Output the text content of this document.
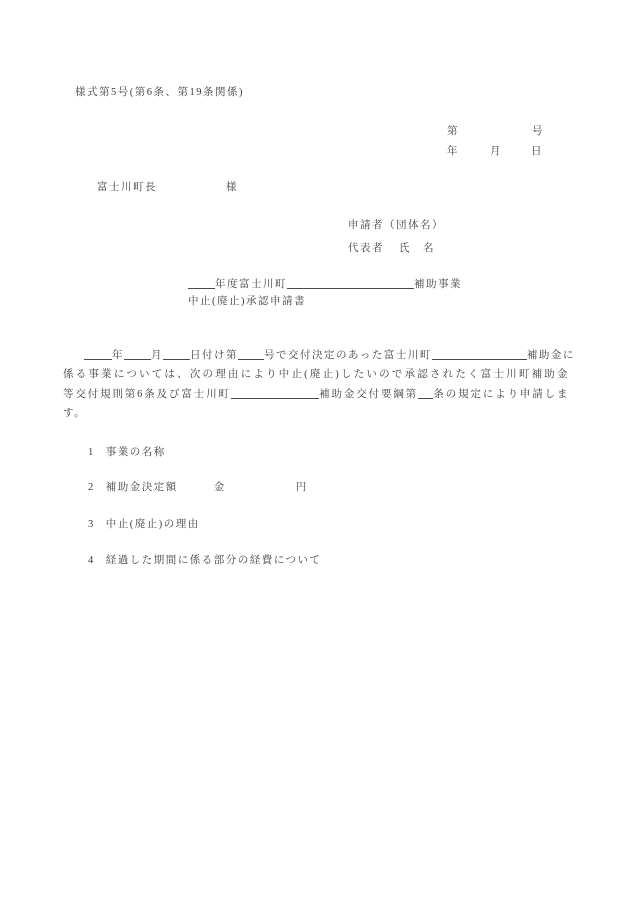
様式第5号(第6条、第19条関係)
第	号
年	月	日
富士川町長	様
申請者（団体名）
代表者 氏　名
年度富士川町	補助事業
中止(廃止)承認申請書
年	月	日付け第 号で交付決定のあった富士川町	補助金に
係る事業については、次の理由により中止(廃止)したいので承認されたく富士川町補助金
等交付規則第6条及び富士川町	補助金交付要綱第 条の規定により申請しま
す。
1 事業の名称
2 補助金決定額	金	円
3 中止(廃止)の理由
4 経過した期間に係る部分の経費について
